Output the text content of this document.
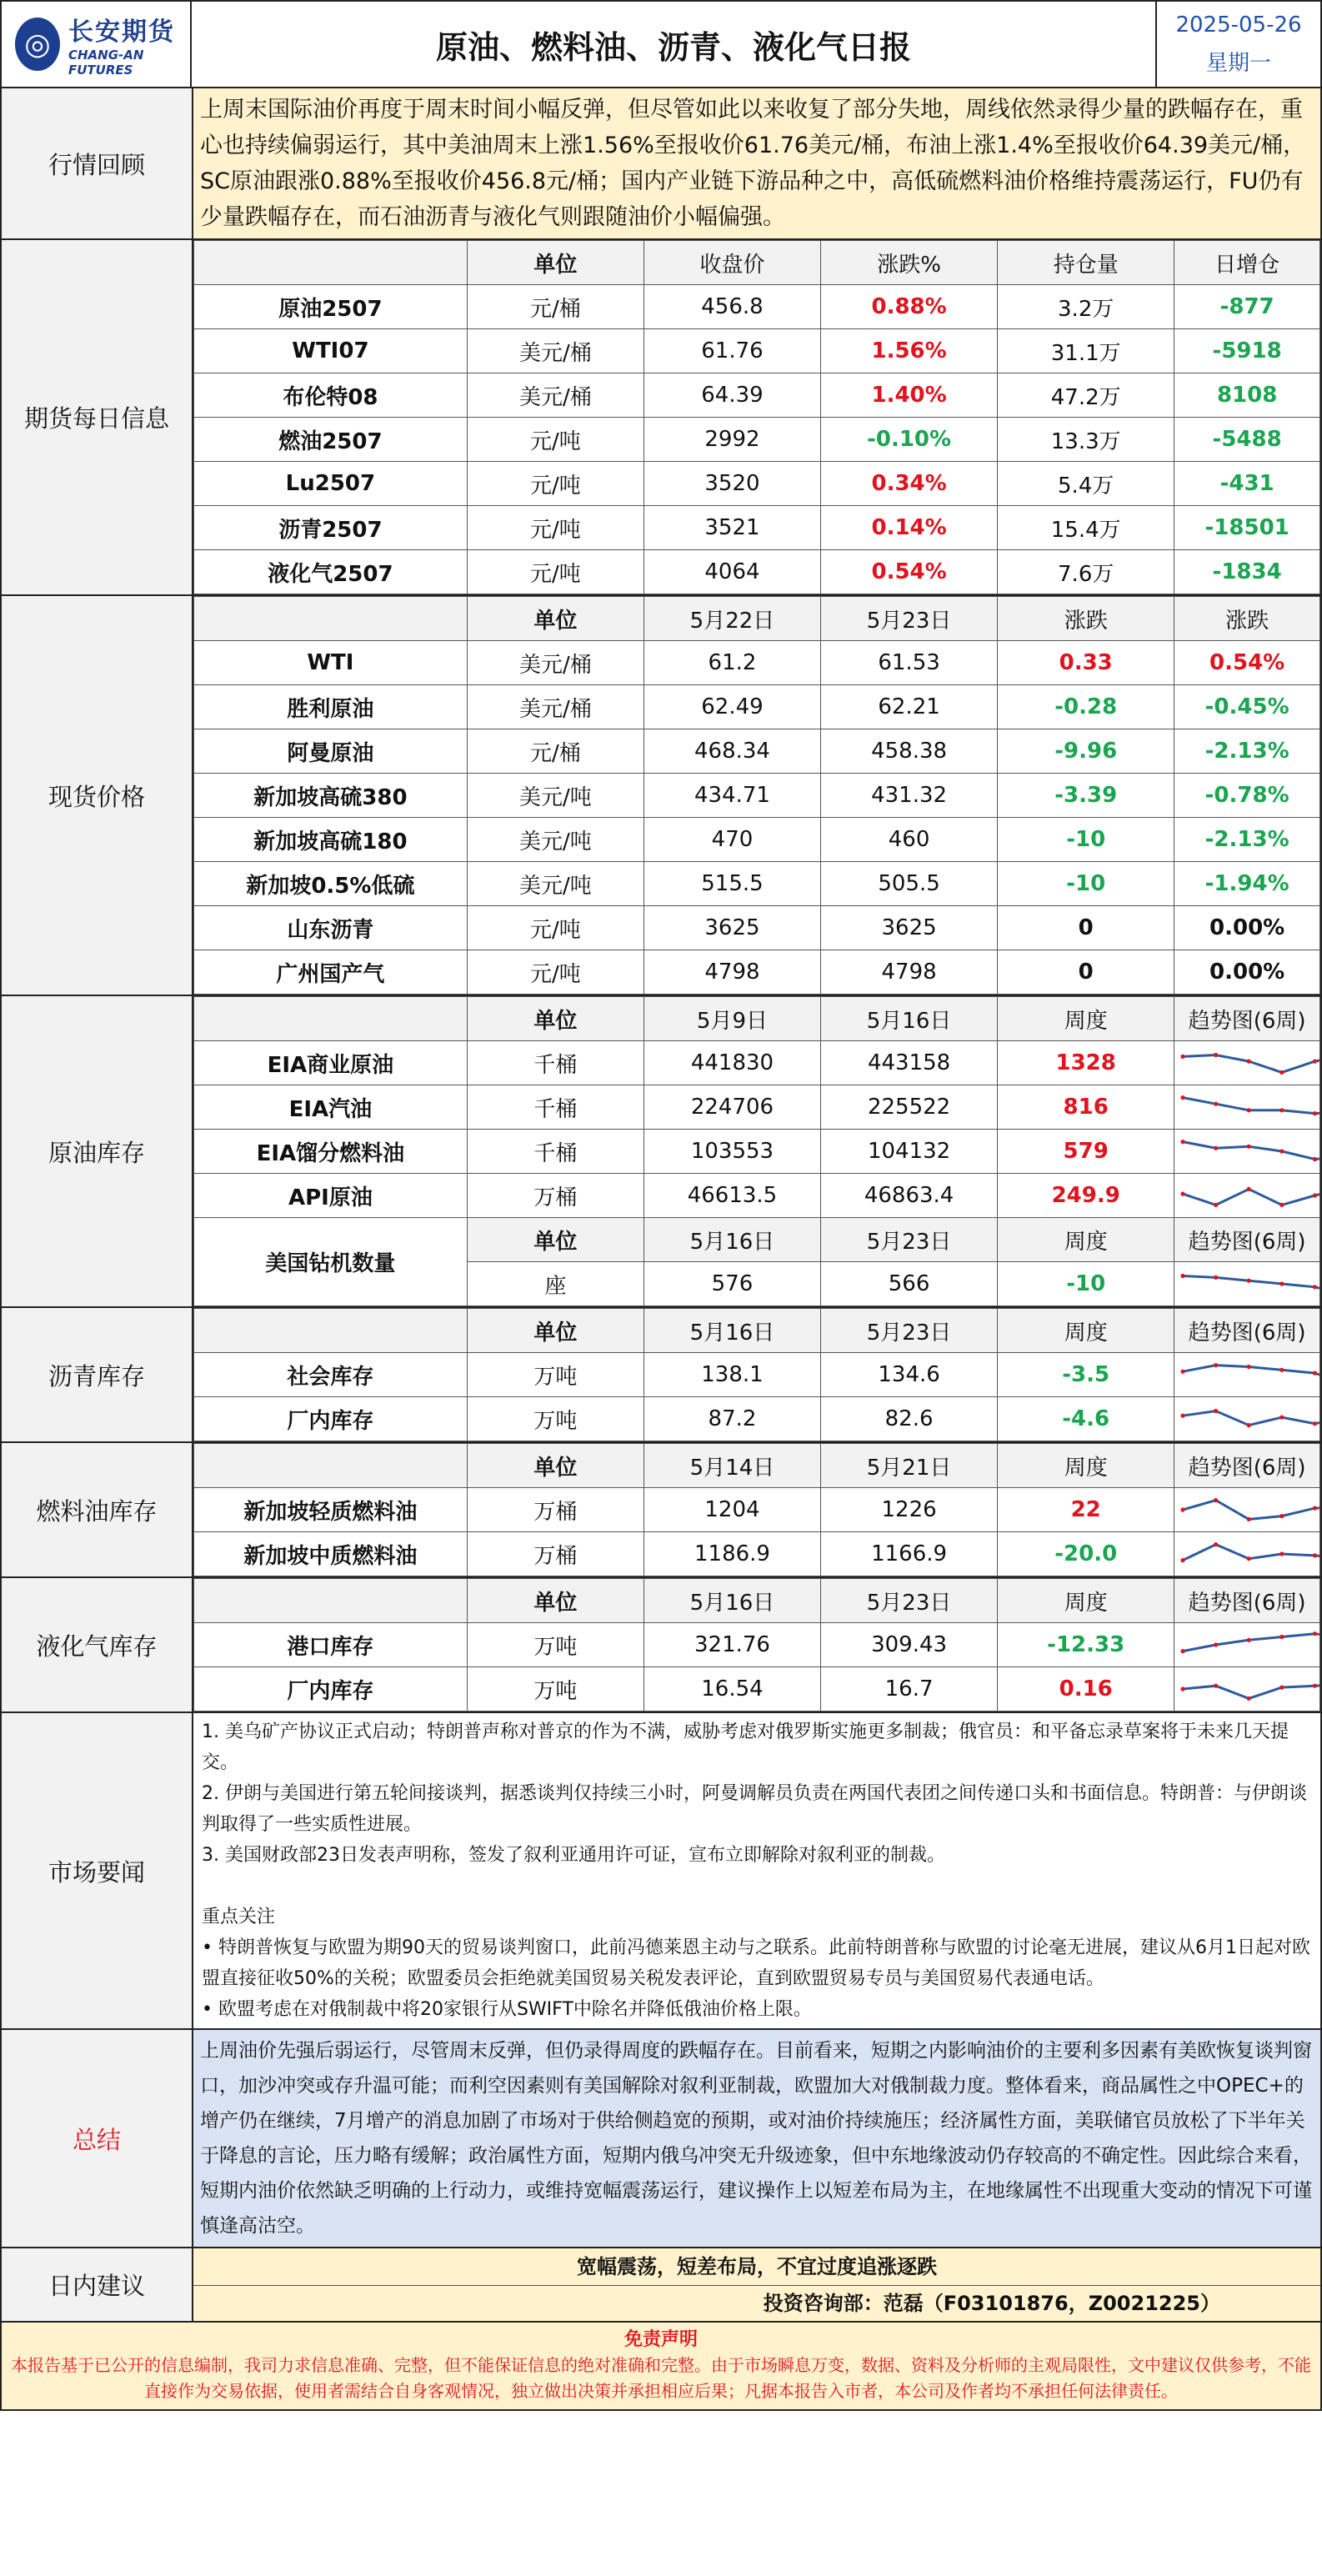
◎ 长安期货
CHANG-AN FUTURES
原油、燃料油、沥青、液化气日报
2025-05-26
星期一
行情回顾
上周末国际油价再度于周末时间小幅反弹，但尽管如此以来收复了部分失地，周线依然录得少量的跌幅存在，重心也持续偏弱运行，其中美油周末上涨1.56%至报收价61.76美元/桶，布油上涨1.4%至报收价64.39美元/桶，SC原油跟涨0.88%至报收价456.8元/桶；国内产业链下游品种之中，高低硫燃料油价格维持震荡运行，FU仍有少量跌幅存在，而石油沥青与液化气则跟随油价小幅偏强。
期货每日信息
	单位	收盘价	涨跌%	持仓量	日增仓
原油2507	元/桶	456.8	0.88%	3.2万	-877
WTI07	美元/桶	61.76	1.56%	31.1万	-5918
布伦特08	美元/桶	64.39	1.40%	47.2万	8108
燃油2507	元/吨	2992	-0.10%	13.3万	-5488
Lu2507	元/吨	3520	0.34%	5.4万	-431
沥青2507	元/吨	3521	0.14%	15.4万	-18501
液化气2507	元/吨	4064	0.54%	7.6万	-1834
现货价格
	单位	5月22日	5月23日	涨跌	涨跌
WTI	美元/桶	61.2	61.53	0.33	0.54%
胜利原油	美元/桶	62.49	62.21	-0.28	-0.45%
阿曼原油	元/桶	468.34	458.38	-9.96	-2.13%
新加坡高硫380	美元/吨	434.71	431.32	-3.39	-0.78%
新加坡高硫180	美元/吨	470	460	-10	-2.13%
新加坡0.5%低硫	美元/吨	515.5	505.5	-10	-1.94%
山东沥青	元/吨	3625	3625	0	0.00%
广州国产气	元/吨	4798	4798	0	0.00%
原油库存
	单位	5月9日	5月16日	周度	趋势图(6周)
EIA商业原油	千桶	441830	443158	1328	

EIA汽油	千桶	224706	225522	816	

EIA馏分燃料油	千桶	103553	104132	579	

API原油	万桶	46613.5	46863.4	249.9	

美国钻机数量	单位	5月16日	5月23日	周度	趋势图(6周)
	座	576	566	-10	
沥青库存
	单位	5月16日	5月23日	周度	趋势图(6周)
社会库存	万吨	138.1	134.6	-3.5	

厂内库存	万吨	87.2	82.6	-4.6	
燃料油库存
	单位	5月14日	5月21日	周度	趋势图(6周)
新加坡轻质燃料油	万桶	1204	1226	22	

新加坡中质燃料油	万桶	1186.9	1166.9	-20.0	
液化气库存
	单位	5月16日	5月23日	周度	趋势图(6周)
港口库存	万吨	321.76	309.43	-12.33	

厂内库存	万吨	16.54	16.7	0.16	
市场要闻
1. 美乌矿产协议正式启动；特朗普声称对普京的作为不满，威胁考虑对俄罗斯实施更多制裁；俄官员：和平备忘录草案将于未来几天提交。
2. 伊朗与美国进行第五轮间接谈判，据悉谈判仅持续三小时，阿曼调解员负责在两国代表团之间传递口头和书面信息。特朗普：与伊朗谈判取得了一些实质性进展。
3. 美国财政部23日发表声明称，签发了叙利亚通用许可证，宣布立即解除对叙利亚的制裁。
重点关注
• 特朗普恢复与欧盟为期90天的贸易谈判窗口，此前冯德莱恩主动与之联系。此前特朗普称与欧盟的讨论毫无进展，建议从6月1日起对欧盟直接征收50%的关税；欧盟委员会拒绝就美国贸易关税发表评论，直到欧盟贸易专员与美国贸易代表通电话。
• 欧盟考虑在对俄制裁中将20家银行从SWIFT中除名并降低俄油价格上限。
总结
上周油价先强后弱运行，尽管周末反弹，但仍录得周度的跌幅存在。目前看来，短期之内影响油价的主要利多因素有美欧恢复谈判窗口，加沙冲突或存升温可能；而利空因素则有美国解除对叙利亚制裁，欧盟加大对俄制裁力度。整体看来，商品属性之中OPEC+的增产仍在继续，7月增产的消息加剧了市场对于供给侧趋宽的预期，或对油价持续施压；经济属性方面，美联储官员放松了下半年关于降息的言论，压力略有缓解；政治属性方面，短期内俄乌冲突无升级迹象，但中东地缘波动仍存较高的不确定性。因此综合来看，短期内油价依然缺乏明确的上行动力，或维持宽幅震荡运行，建议操作上以短差布局为主，在地缘属性不出现重大变动的情况下可谨慎逢高沽空。
日内建议
宽幅震荡，短差布局，不宜过度追涨逐跌
投资咨询部：范磊（F03101876，Z0021225）
免责声明
本报告基于已公开的信息编制，我司力求信息准确、完整，但不能保证信息的绝对准确和完整。由于市场瞬息万变，数据、资料及分析师的主观局限性，文中建议仅供参考，不能直接作为交易依据，使用者需结合自身客观情况，独立做出决策并承担相应后果；凡据本报告入市者，本公司及作者均不承担任何法律责任。
